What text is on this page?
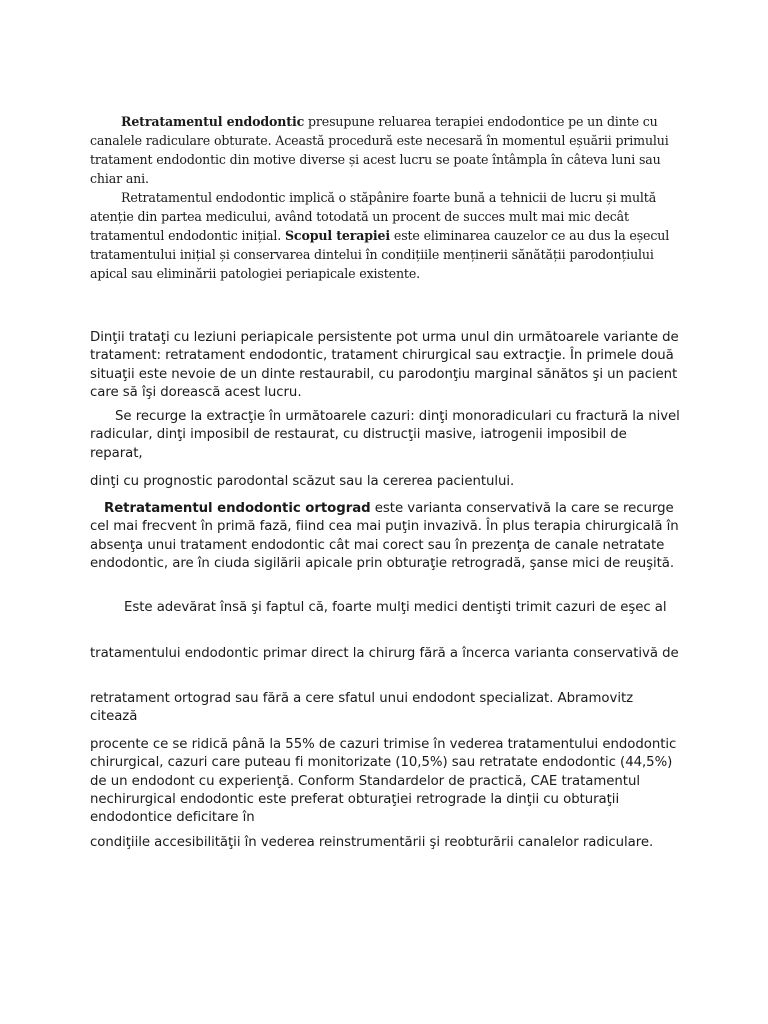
Retratamentul endodontic presupune reluarea terapiei endodontice pe un dinte cu canalele radiculare obturate. Această procedură este necesară în momentul eșuării primului tratament endodontic din motive diverse și acest lucru se poate întâmpla în câteva luni sau chiar ani.

Retratamentul endodontic implică o stăpânire foarte bună a tehnicii de lucru și multă atenție din partea medicului, având totodată un procent de succes mult mai mic decât tratamentul endodontic inițial. Scopul terapiei este eliminarea cauzelor ce au dus la eșecul tratamentului inițial și conservarea dintelui în condițiile menținerii sănătății parodonțiului apical sau eliminării patologiei periapicale existente.

Dinţii trataţi cu leziuni periapicale persistente pot urma unul din următoarele variante de tratament: retratament endodontic, tratament chirurgical sau extracţie. În primele două situaţii este nevoie de un dinte restaurabil, cu parodonţiu marginal sănătos şi un pacient care să îşi dorească acest lucru.

Se recurge la extracţie în următoarele cazuri: dinţi monoradiculari cu fractură la nivel radicular, dinţi imposibil de restaurat, cu distrucţii masive, iatrogenii imposibil de reparat,

dinţi cu prognostic parodontal scăzut sau la cererea pacientului.

Retratamentul endodontic ortograd este varianta conservativă la care se recurge cel mai frecvent în primă fază, fiind cea mai puţin invazivă. În plus terapia chirurgicală în absenţa unui tratament endodontic cât mai corect sau în prezenţa de canale netratate endodontic, are în ciuda sigilării apicale prin obturaţie retrogradă, şanse mici de reuşită.

Este adevărat însă şi faptul că, foarte mulţi medici dentişti trimit cazuri de eşec al

tratamentului endodontic primar direct la chirurg fără a încerca varianta conservativă de

retratament ortograd sau fără a cere sfatul unui endodont specializat. Abramovitz citează

procente ce se ridică până la 55% de cazuri trimise în vederea tratamentului endodontic chirurgical, cazuri care puteau fi monitorizate (10,5%) sau retratate endodontic (44,5%) de un endodont cu experienţă. Conform Standardelor de practică, CAE tratamentul nechirurgical endodontic este preferat obturaţiei retrograde la dinţii cu obturaţii endodontice deficitare în

condiţiile accesibilităţii în vederea reinstrumentării şi reobturării canalelor radiculare.
